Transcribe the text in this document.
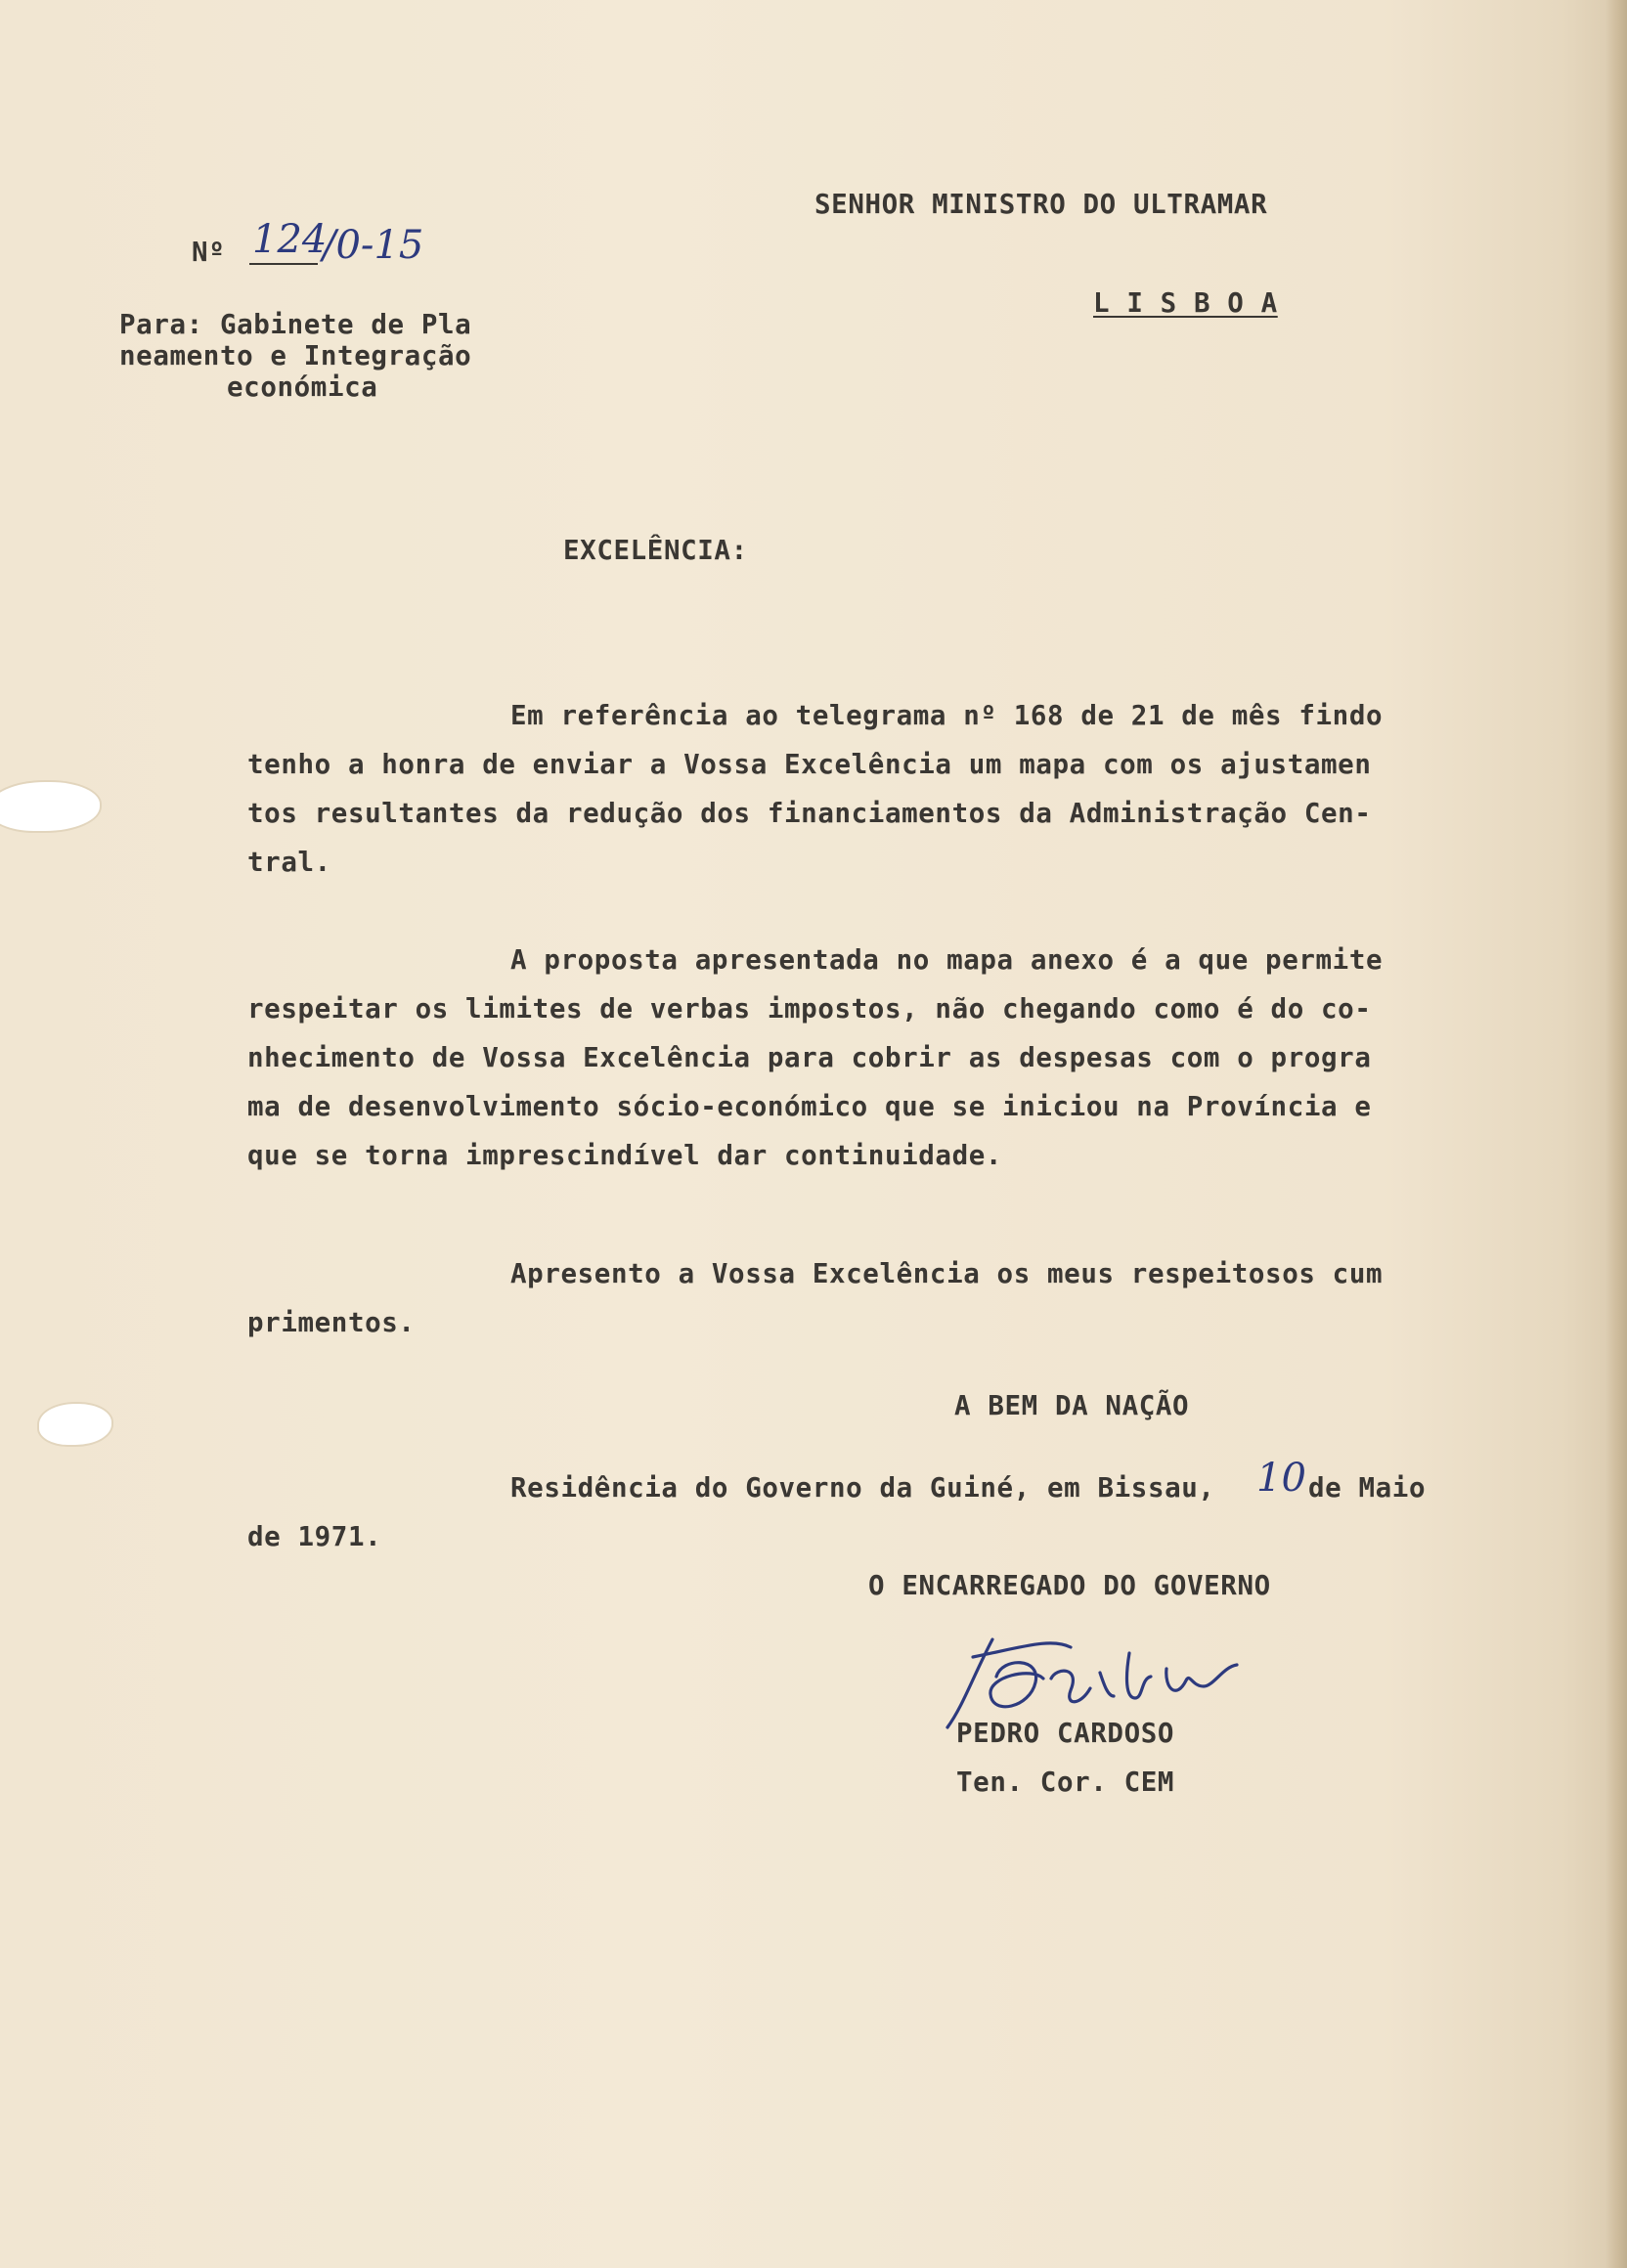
Nº 124

/0-15

SENHOR MINISTRO DO ULTRAMAR

L I S B O A

Para: Gabinete de Pla

neamento e Integração

económica

EXCELÊNCIA:

Em referência ao telegrama nº 168 de 21 de mês findo

tenho a honra de enviar a Vossa Excelência um mapa com os ajustamen

tos resultantes da redução dos financiamentos da Administração Cen-

tral.

A proposta apresentada no mapa anexo é a que permite

respeitar os limites de verbas impostos, não chegando como é do co-

nhecimento de Vossa Excelência para cobrir as despesas com o progra

ma de desenvolvimento sócio-económico que se iniciou na Província e

que se torna imprescindível dar continuidade.

Apresento a Vossa Excelência os meus respeitosos cum

primentos.

A BEM DA NAÇÃO

Residência do Governo da Guiné, em Bissau, 10 de Maio

de 1971.

O ENCARREGADO DO GOVERNO

PEDRO CARDOSO

Ten. Cor. CEM
